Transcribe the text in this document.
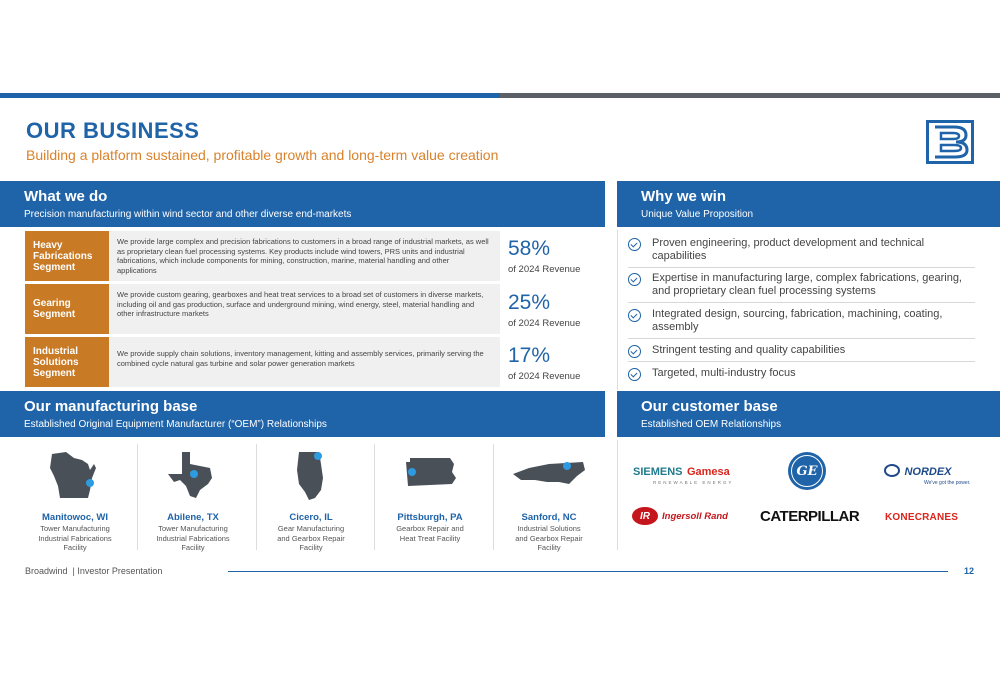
OUR BUSINESS
Building a platform sustained, profitable growth and long-term value creation
What we do
Precision manufacturing within wind sector and other diverse end-markets
Heavy
Fabrications
Segment
We provide large complex and precision fabrications to customers in a broad range of industrial markets, as well as proprietary clean fuel processing systems. Key products include wind towers, PRS units and industrial fabrications, which include components for mining, construction, marine, material handling and other applications
58%
of 2024 Revenue
Gearing
Segment
We provide custom gearing, gearboxes and heat treat services to a broad set of customers in diverse markets, including oil and gas production, surface and underground mining, wind energy, steel, material handling and other infrastructure markets	25%
of 2024 Revenue
Industrial
Solutions
Segment
We provide supply chain solutions, inventory management, kitting and assembly services, primarily serving the combined cycle natural gas turbine and solar power generation markets	17%
of 2024 Revenue
Why we win
Unique Value Proposition
Proven engineering, product development and technical capabilities
Expertise in manufacturing large, complex fabrications, gearing, and proprietary clean fuel processing systems
Integrated design, sourcing, fabrication, machining, coating, assembly
Stringent testing and quality capabilities
Targeted, multi-industry focus
Our manufacturing base
Established Original Equipment Manufacturer (“OEM”) Relationships
Our customer base
Established OEM Relationships
Manitowoc, WI
Tower Manufacturing
Industrial Fabrications
Facility
Abilene, TX
Tower Manufacturing
Industrial Fabrications
Facility
Cicero, IL
Gear Manufacturing
and Gearbox Repair
Facility
Pittsburgh, PA
Gearbox Repair and
Heat Treat Facility
Sanford, NC
Industrial Solutions
and Gearbox Repair
Facility
SIEMENS Gamesa
RENEWABLE ENERGY
GE	NORDEX
We've got the power.
IR	Ingersoll Rand CATERPILLAR	KONECRANES
Broadwind  | Investor Presentation	12
